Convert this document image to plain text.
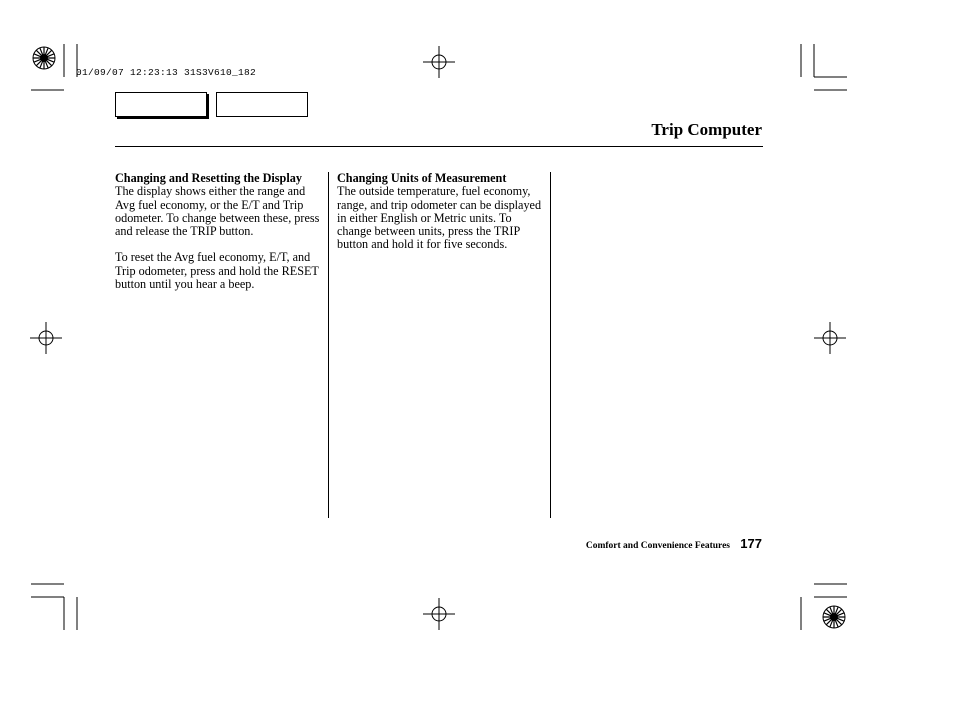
01/09/07 12:23:13 31S3V610_182
Trip Computer

Changing and Resetting the Display

The display shows either the range and Avg fuel economy, or the E/T and Trip odometer. To change between these, press and release the TRIP button.

To reset the Avg fuel economy, E/T, and Trip odometer, press and hold the RESET button until you hear a beep.

Changing Units of Measurement

The outside temperature, fuel economy, range, and trip odometer can be displayed in either English or Metric units. To change between units, press the TRIP button and hold it for five seconds.

Comfort and Convenience Features 177
